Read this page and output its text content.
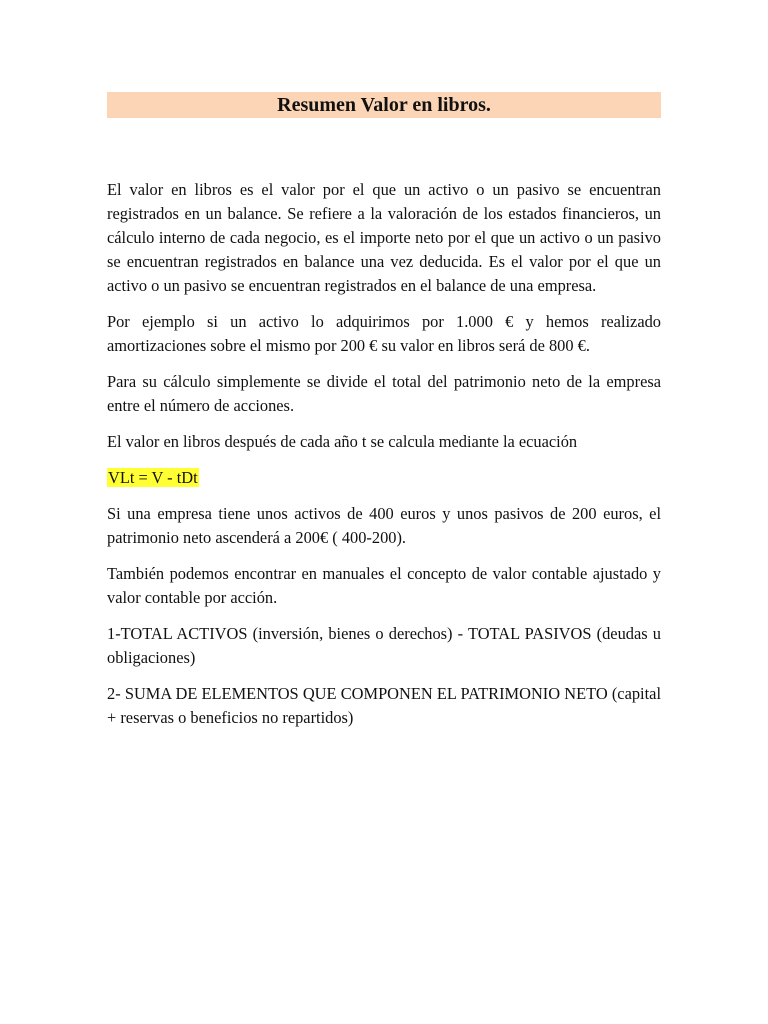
Resumen Valor en libros.

El valor en libros es el valor por el que un activo o un pasivo se encuentran registrados en un balance. Se refiere a la valoración de los estados financieros, un cálculo interno de cada negocio, es el importe neto por el que un activo o un pasivo se encuentran registrados en balance una vez deducida. Es el valor por el que un activo o un pasivo se encuentran registrados en el balance de una empresa.

Por ejemplo si un activo lo adquirimos por 1.000 € y hemos realizado amortizaciones sobre el mismo por 200 € su valor en libros será de 800 €.

Para su cálculo simplemente se divide el total del patrimonio neto de la empresa entre el número de acciones.

El valor en libros después de cada año t se calcula mediante la ecuación

VLt = V - tDt

Si una empresa tiene unos activos de 400 euros y unos pasivos de 200 euros, el patrimonio neto ascenderá a 200€ ( 400-200).

También podemos encontrar en manuales el concepto de valor contable ajustado y valor contable por acción.

1-TOTAL ACTIVOS (inversión, bienes o derechos) - TOTAL PASIVOS (deudas u obligaciones)

2- SUMA DE ELEMENTOS QUE COMPONEN EL PATRIMONIO NETO (capital + reservas o beneficios no repartidos)
